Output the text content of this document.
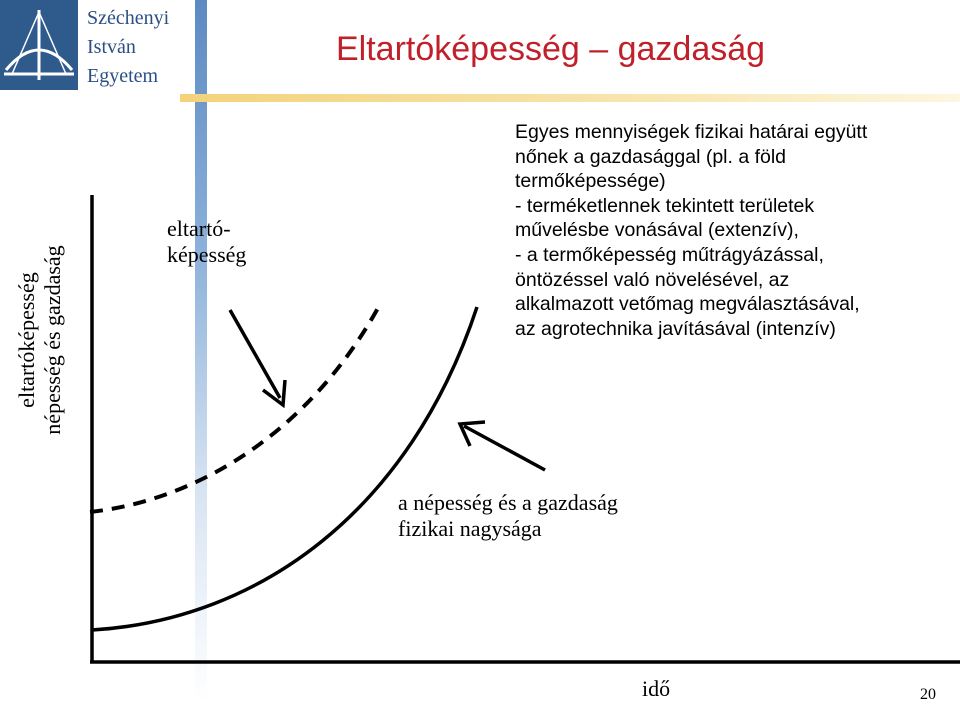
Széchenyi
István
Egyetem
Eltartóképesség – gazdaság
Egyes mennyiségek fizikai határai együtt
nőnek a gazdasággal (pl. a föld
termőképessége)
- terméketlennek tekintett területek
művelésbe vonásával (extenzív),
- a termőképesség műtrágyázással,
öntözéssel való növelésével, az
alkalmazott vetőmag megválasztásával,
az agrotechnika javításával (intenzív)
eltartóképesség népesség és gazdaság
eltartó-
képesség
a népesség és a gazdaság
fizikai nagysága
idő	20
